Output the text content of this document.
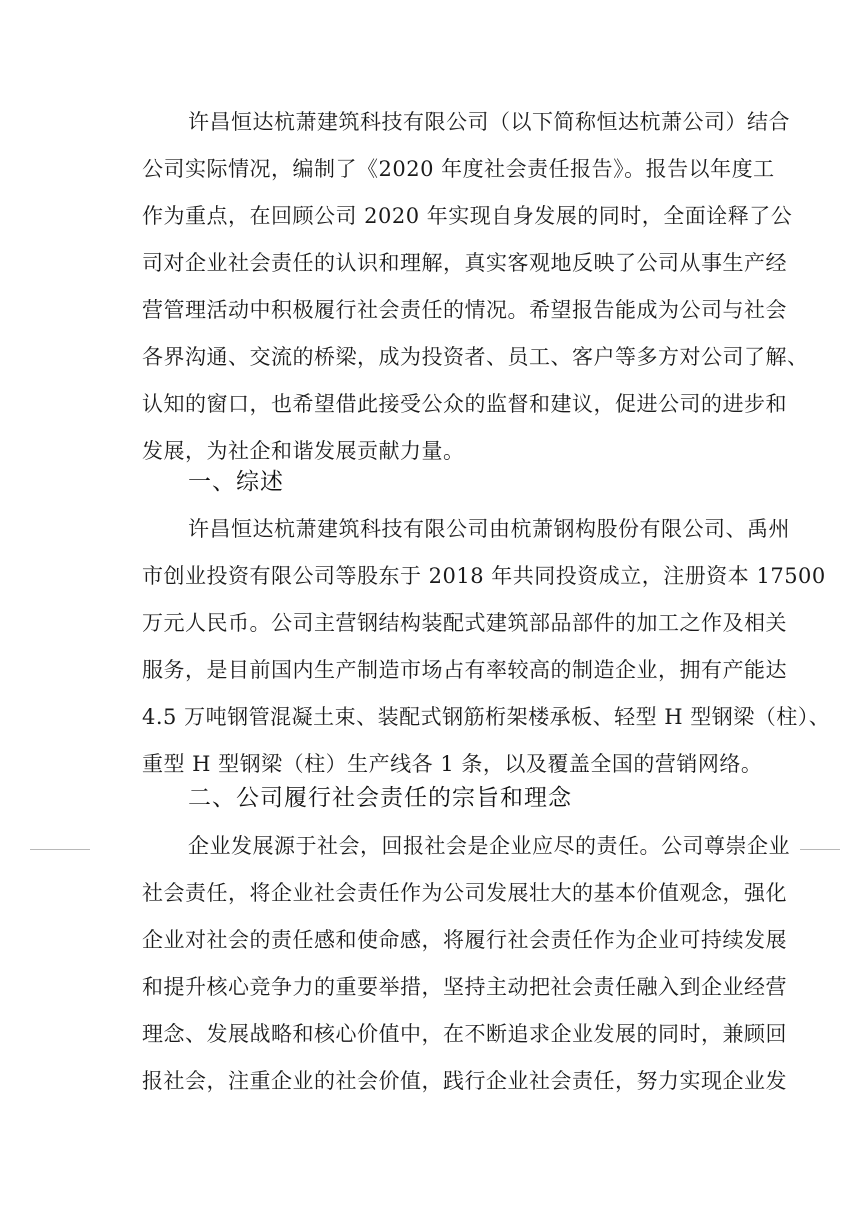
许昌恒达杭萧建筑科技有限公司（以下简称恒达杭萧公司）结合
公司实际情况，编制了《2020 年度社会责任报告》。报告以年度工
作为重点，在回顾公司 2020 年实现自身发展的同时，全面诠释了公
司对企业社会责任的认识和理解，真实客观地反映了公司从事生产经
营管理活动中积极履行社会责任的情况。希望报告能成为公司与社会
各界沟通、交流的桥梁，成为投资者、员工、客户等多方对公司了解、
认知的窗口，也希望借此接受公众的监督和建议，促进公司的进步和
发展，为社企和谐发展贡献力量。
一、综述
许昌恒达杭萧建筑科技有限公司由杭萧钢构股份有限公司、禹州
市创业投资有限公司等股东于 2018 年共同投资成立，注册资本 17500
万元人民币。公司主营钢结构装配式建筑部品部件的加工之作及相关
服务，是目前国内生产制造市场占有率较高的制造企业，拥有产能达
4.5 万吨钢管混凝土束、装配式钢筋桁架楼承板、轻型 H 型钢梁（柱）、
重型 H 型钢梁（柱）生产线各 1 条，以及覆盖全国的营销网络。
二、公司履行社会责任的宗旨和理念
企业发展源于社会，回报社会是企业应尽的责任。公司尊崇企业
社会责任，将企业社会责任作为公司发展壮大的基本价值观念，强化
企业对社会的责任感和使命感，将履行社会责任作为企业可持续发展
和提升核心竞争力的重要举措，坚持主动把社会责任融入到企业经营
理念、发展战略和核心价值中，在不断追求企业发展的同时，兼顾回
报社会，注重企业的社会价值，践行企业社会责任，努力实现企业发
